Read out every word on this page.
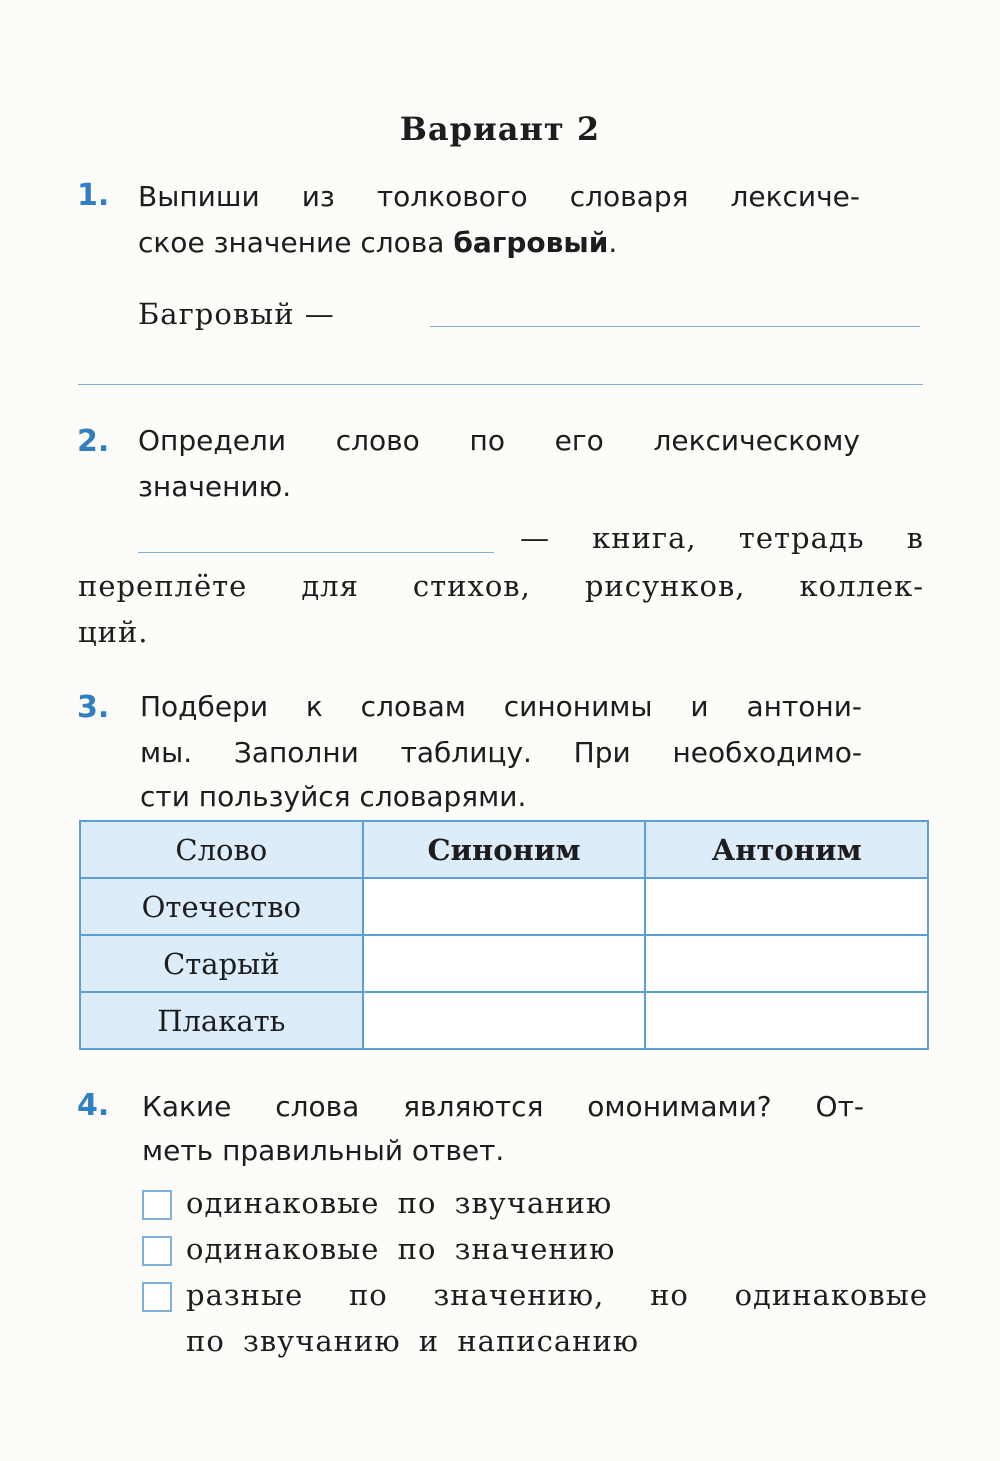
Вариант 2
1. Выпиши из толкового словаря лексиче-
ское значение слова багровый.
Багровый —
2. Определи слово по его лексическому
значению.
— книга, тетрадь в
переплёте для стихов, рисунков, коллек-
ций.
3. Подбери к словам синонимы и антони-
мы. Заполни таблицу. При необходимо-
сти пользуйся словарями.
Слово	Синоним	Антоним
Отечество		
Старый		
Плакать		
4. Какие слова являются омонимами? От-
меть правильный ответ.
одинаковые по звучанию
одинаковые по значению
разные по значению, но одинаковые
по звучанию и написанию
